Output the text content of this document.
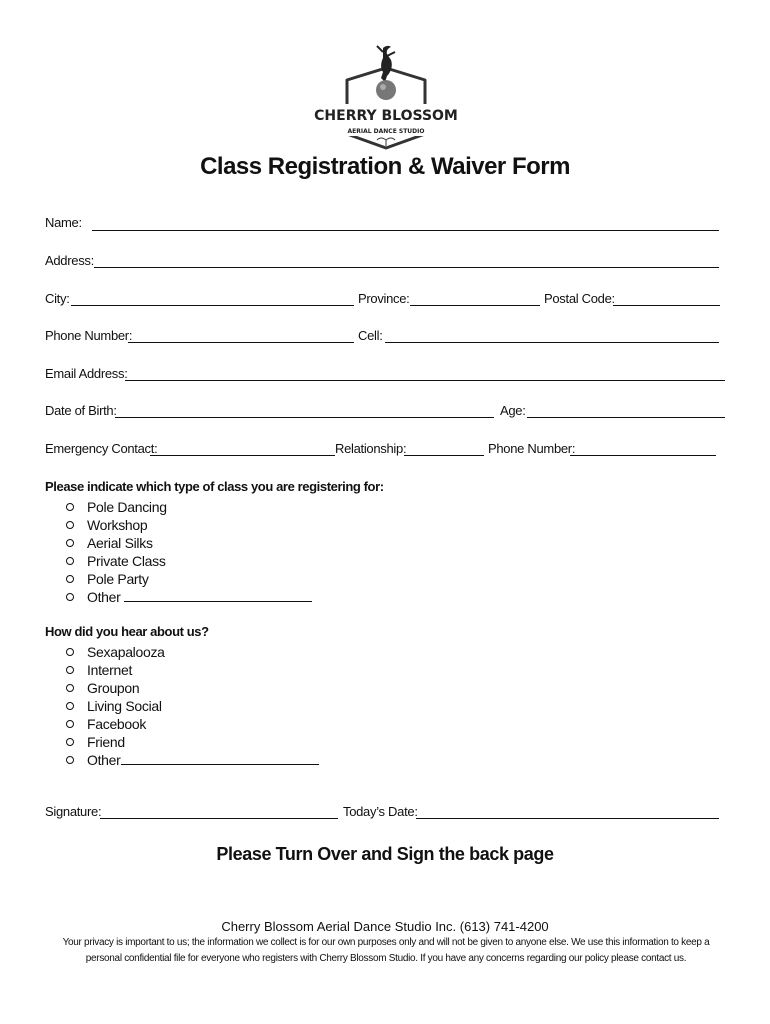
CHERRY BLOSSOM
AERIAL DANCE STUDIO
Class Registration & Waiver Form
Name:
Address:
City:	Province:	Postal Code:
Phone Number:	Cell:
Email Address:
Date of Birth:	Age:
Emergency Contact:	Relationship:	Phone Number:
Please indicate which type of class you are registering for:
Pole Dancing
Workshop
Aerial Silks
Private Class
Pole Party
Other
How did you hear about us?
Sexapalooza
Internet
Groupon
Living Social
Facebook
Friend
Other
Signature:	Today’s Date:
Please Turn Over and Sign the back page
Cherry Blossom Aerial Dance Studio Inc. (613) 741-4200
Your privacy is important to us; the information we collect is for our own purposes only and will not be given to anyone else. We use this information to keep a personal confidential file for everyone who registers with Cherry Blossom Studio. If you have any concerns regarding our policy please contact us.
